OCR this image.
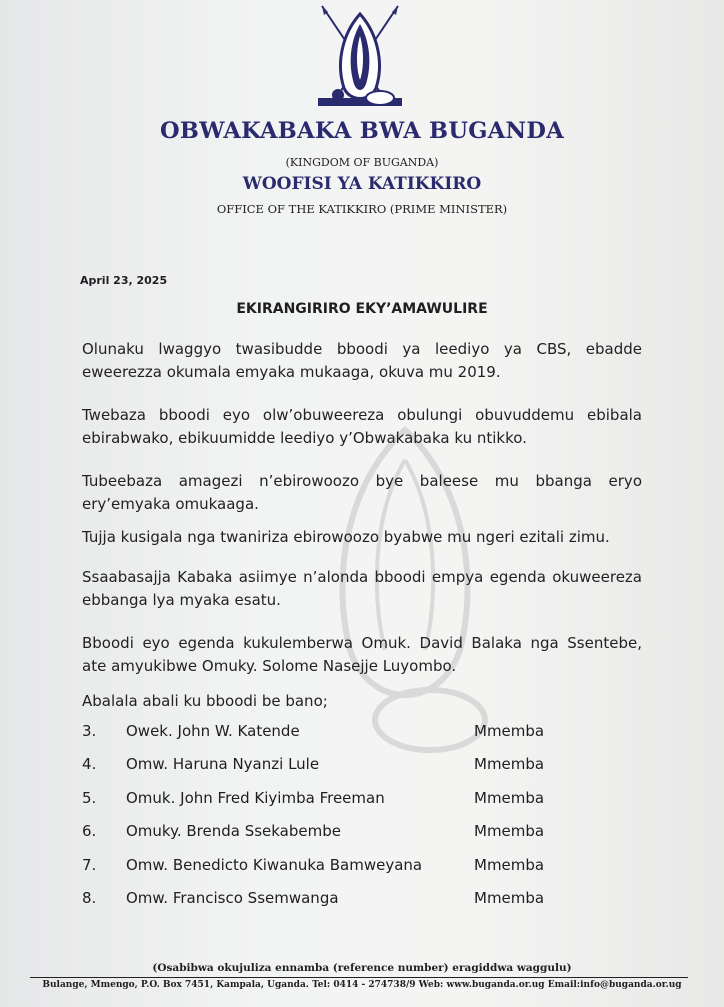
OBWAKABAKA BWA BUGANDA
(KINGDOM OF BUGANDA)
WOOFISI YA KATIKKIRO
OFFICE OF THE KATIKKIRO (PRIME MINISTER)
April 23, 2025
EKIRANGIRIRO EKY’AMAWULIRE
Olunaku lwaggyo twasibudde bboodi ya leediyo ya CBS, ebadde
eweerezza okumala emyaka mukaaga, okuva mu 2019.
Twebaza bboodi eyo olw’obuweereza obulungi obuvuddemu ebibala
ebirabwako, ebikuumidde leediyo y’Obwakabaka ku ntikko.
Tubeebaza amagezi n’ebirowoozo bye baleese mu bbanga eryo
ery’emyaka omukaaga.
Tujja kusigala nga twaniriza ebirowoozo byabwe mu ngeri ezitali zimu.
Ssaabasajja Kabaka asiimye n’alonda bboodi empya egenda okuweereza
ebbanga lya myaka esatu.
Bboodi eyo egenda kukulemberwa Omuk. David Balaka nga Ssentebe,
ate amyukibwe Omuky. Solome Nasejje Luyombo.
Abalala abali ku bboodi be bano;
3. Owek. John W. Katende	Mmemba
4. Omw. Haruna Nyanzi Lule	Mmemba
5. Omuk. John Fred Kiyimba Freeman	Mmemba
6. Omuky. Brenda Ssekabembe	Mmemba
7. Omw. Benedicto Kiwanuka Bamweyana	Mmemba
8. Omw. Francisco Ssemwanga	Mmemba
(Osabibwa okujuliza ennamba (reference number) eragiddwa waggulu)
Bulange, Mmengo, P.O. Box 7451, Kampala, Uganda. Tel: 0414 - 274738/9 Web: www.buganda.or.ug Email:info@buganda.or.ug
